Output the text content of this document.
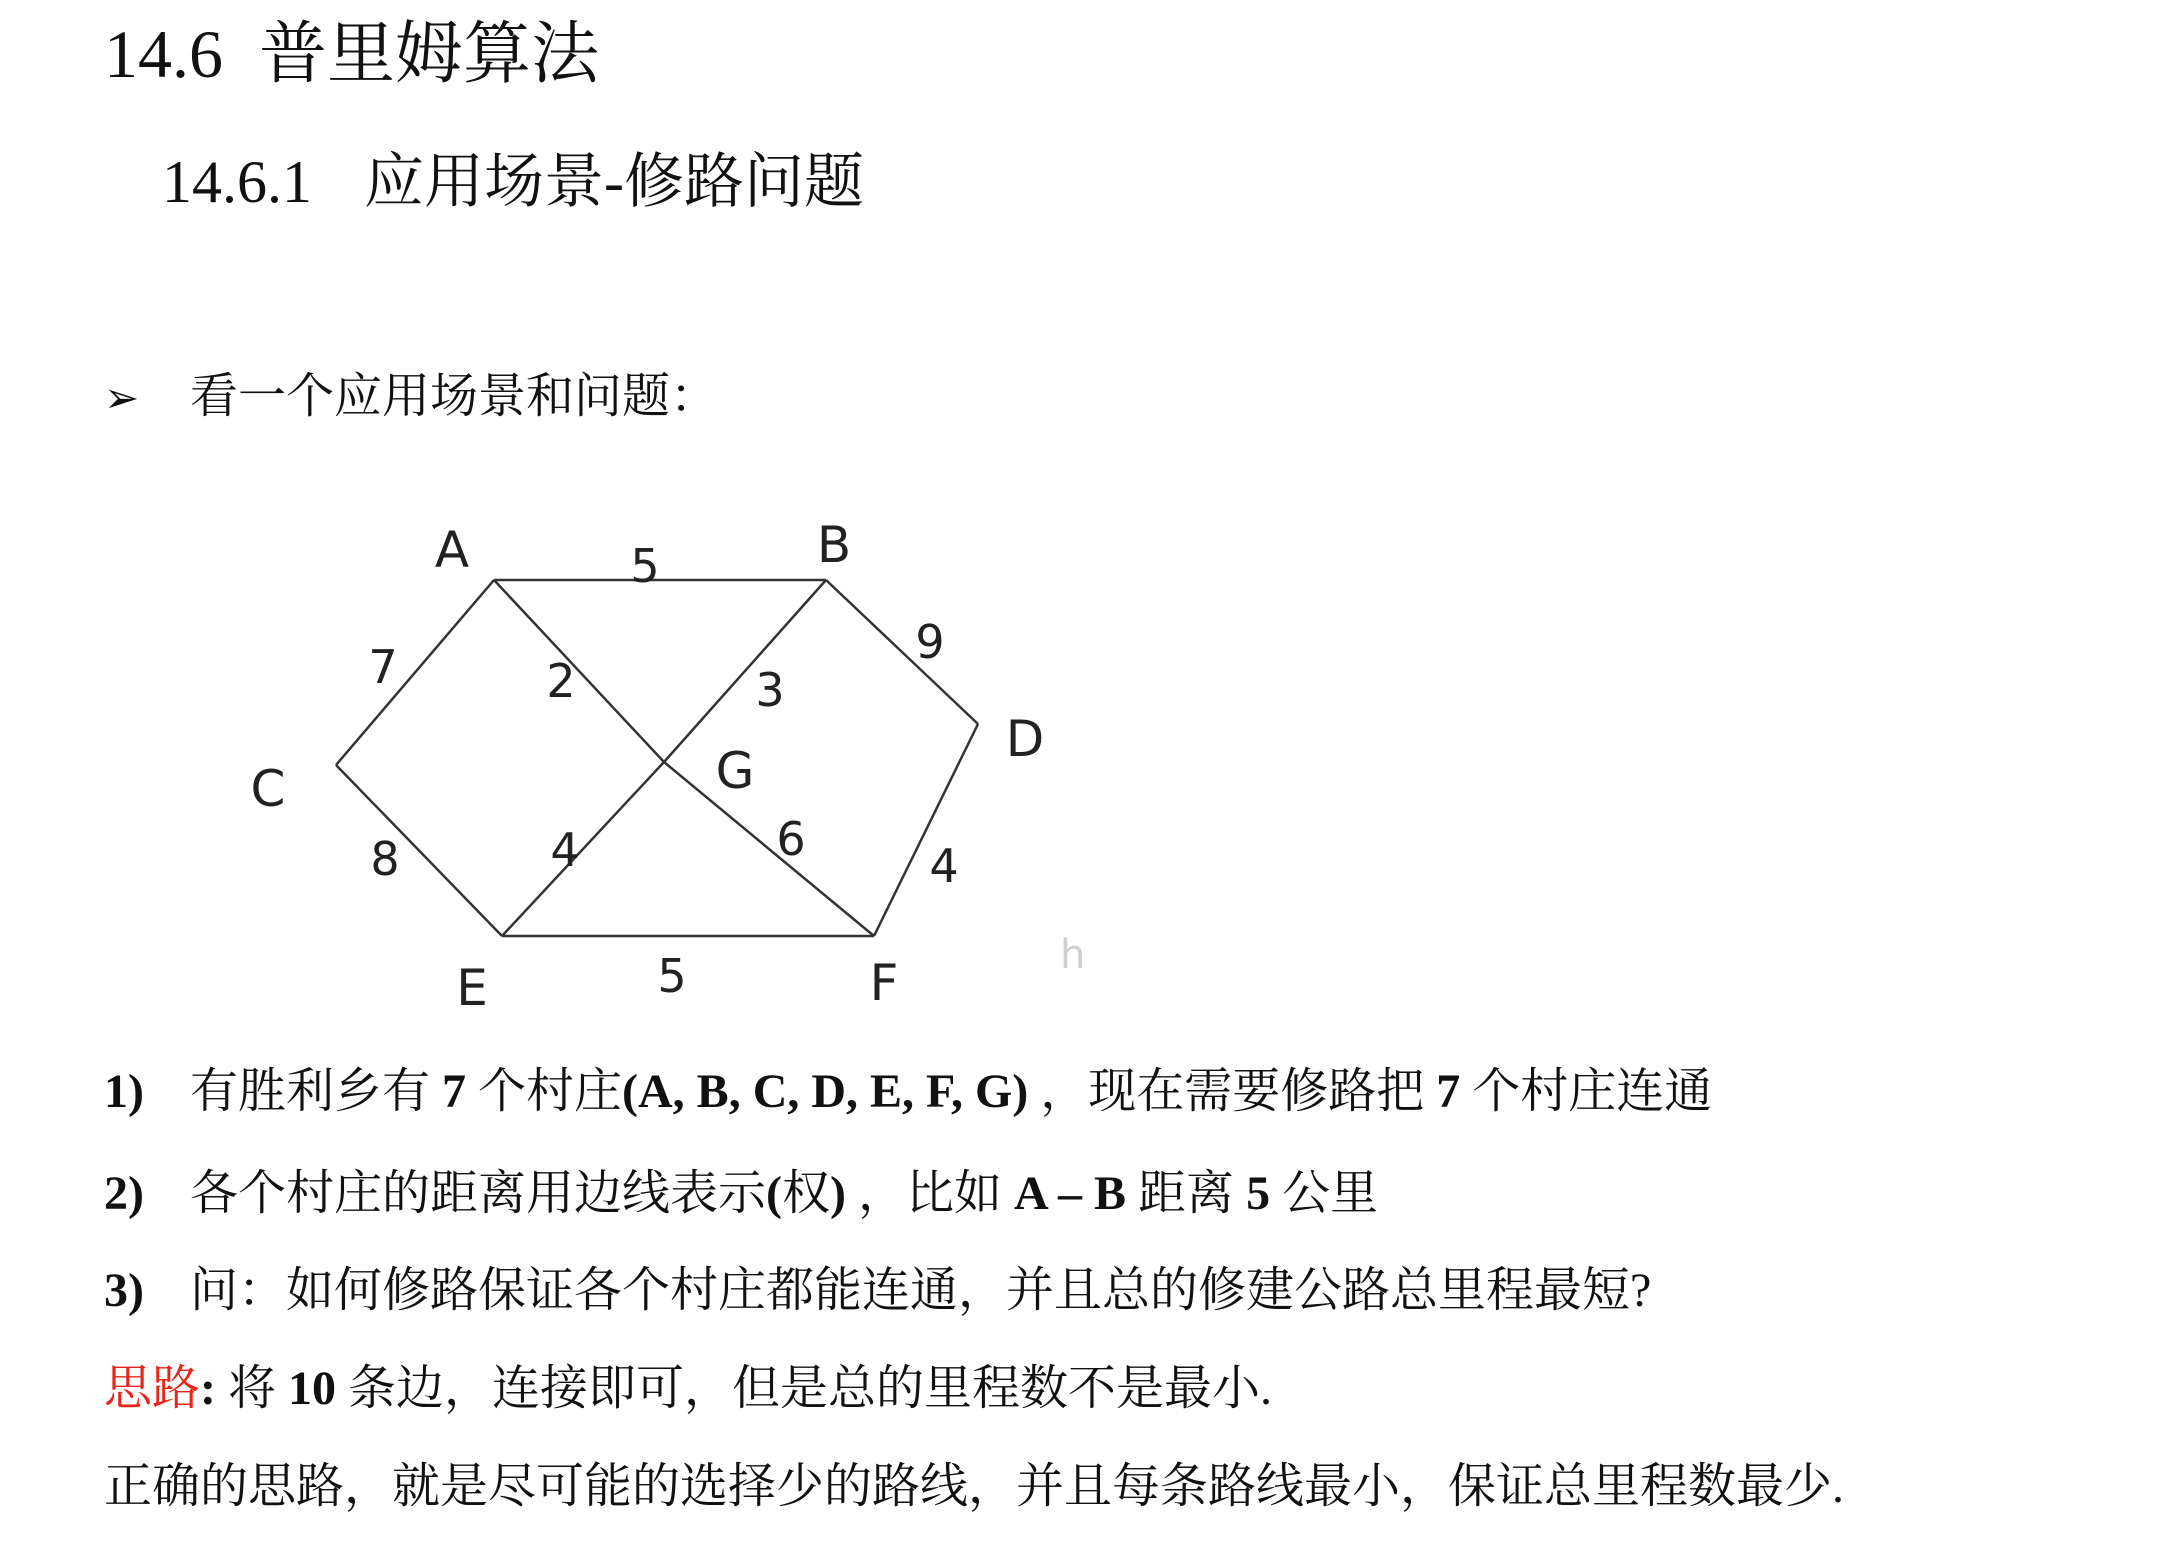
14.6 普里姆算法
14.6.1 应用场景-修路问题
➢ 看一个应用场景和问题：
5
7	2	3
9
8	4	6	4
5
A	B
C
D
E	F
G
h
1) 有胜利乡有 7 个村庄(A, B, C, D, E, F, G) ，现在需要修路把 7 个村庄连通
2) 各个村庄的距离用边线表示(权) ，比如 A – B 距离 5 公里
3) 问：如何修路保证各个村庄都能连通，并且总的修建公路总里程最短?
思路: 将 10 条边，连接即可，但是总的里程数不是最小.
正确的思路，就是尽可能的选择少的路线，并且每条路线最小，保证总里程数最少.
